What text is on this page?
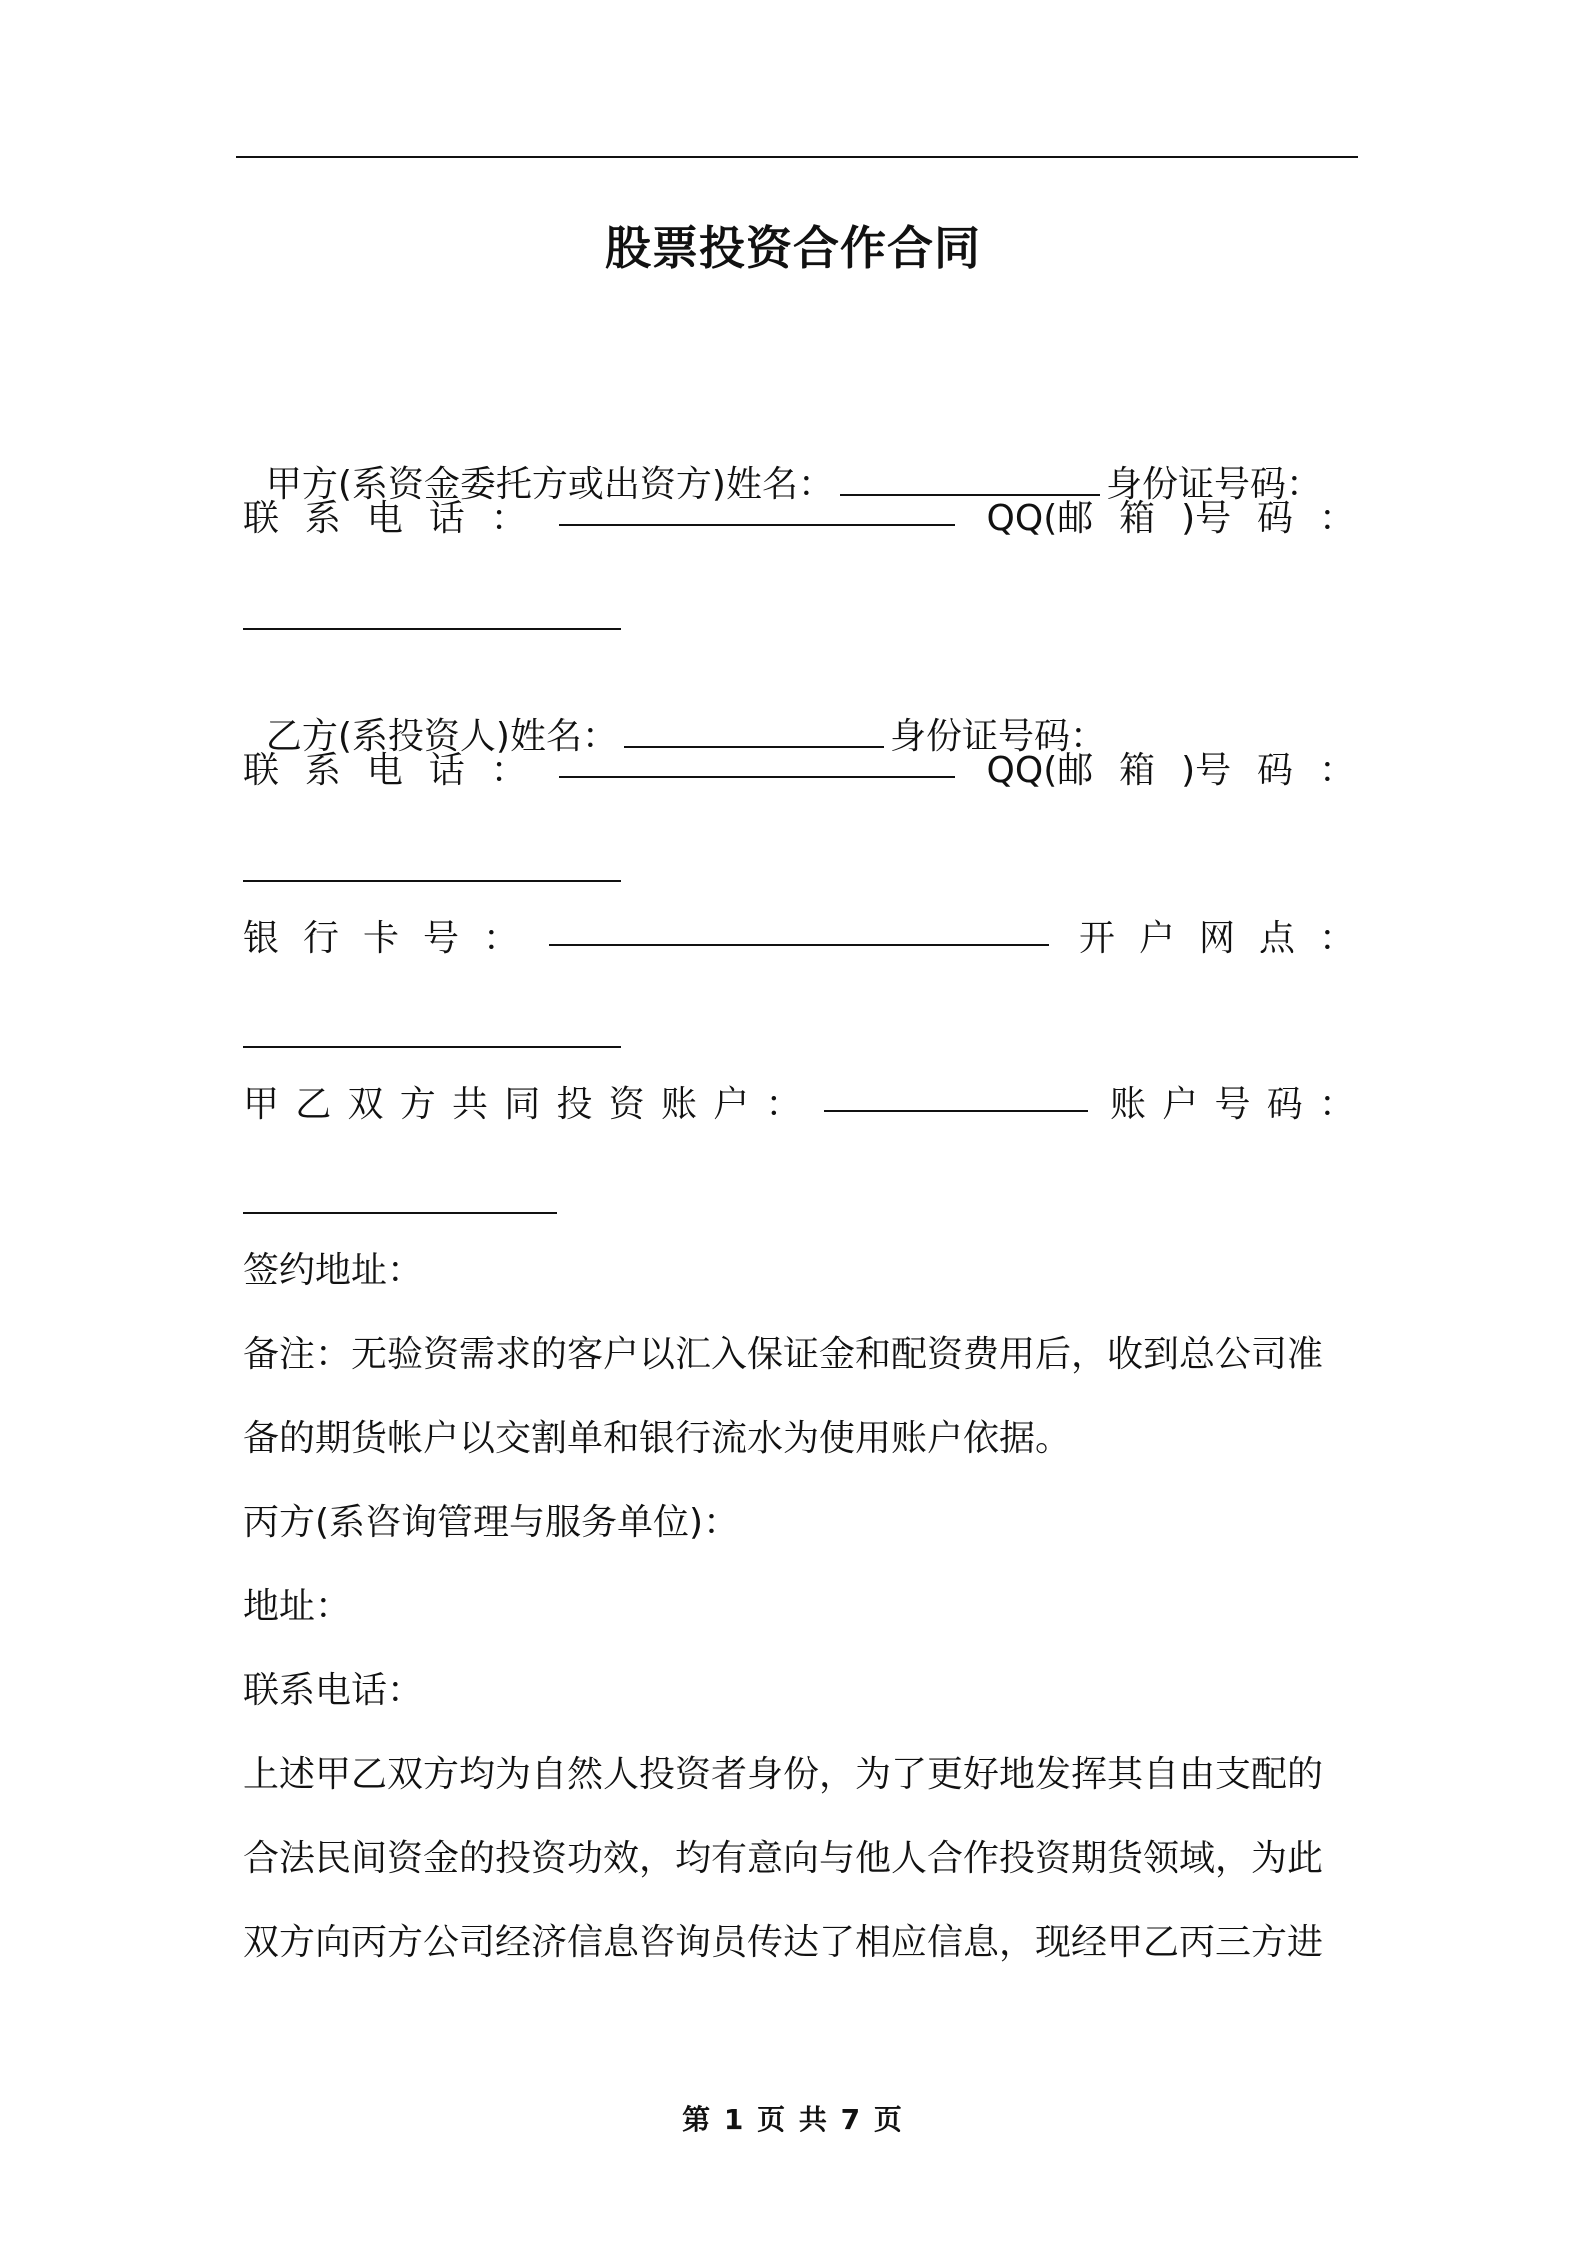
股票投资合作合同

甲方(系资金委托方或出资方)姓名：	身份证号码：

联 系 电 话 ：	QQ(邮 箱 )号 码 ：

乙方(系投资人)姓名：	身份证号码：

联 系 电 话 ：	QQ(邮 箱 )号 码 ：
银 行 卡 号 ：	开 户 网 点 ：
甲 乙 双 方 共 同 投 资 账 户 ：	账 户 号 码 ：
签约地址：
备注：无验资需求的客户以汇入保证金和配资费用后，收到总公司准
备的期货帐户以交割单和银行流水为使用账户依据。
丙方(系咨询管理与服务单位)：
地址：
联系电话：
上述甲乙双方均为自然人投资者身份，为了更好地发挥其自由支配的
合法民间资金的投资功效，均有意向与他人合作投资期货领域，为此
双方向丙方公司经济信息咨询员传达了相应信息，现经甲乙丙三方进
第 1 页 共 7 页
